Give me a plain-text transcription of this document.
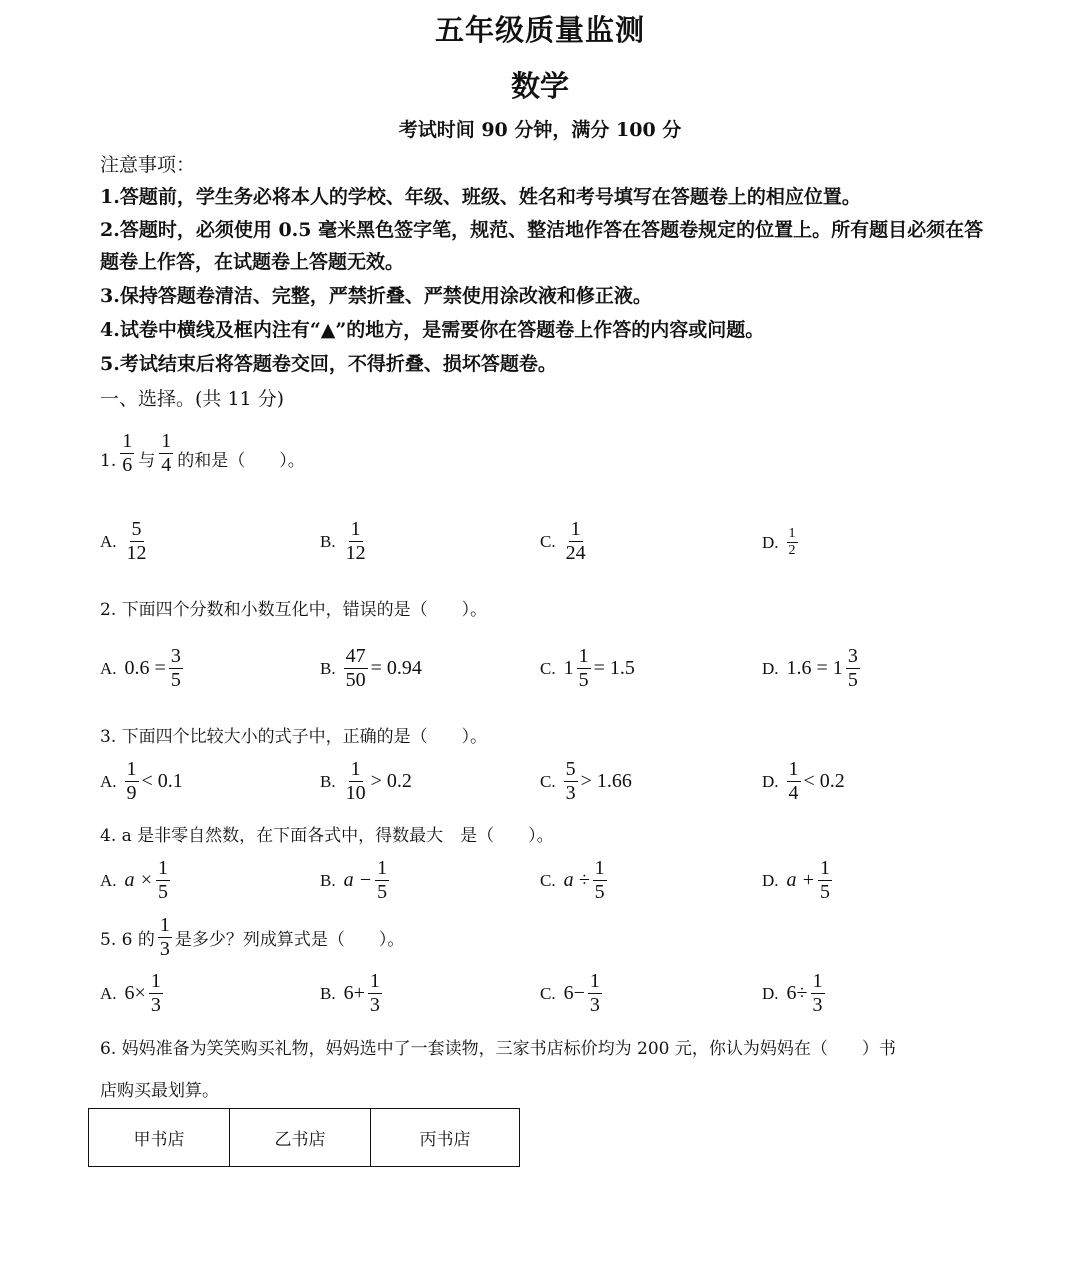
五年级质量监测
数学
考试时间 90 分钟，满分 100 分
注意事项：
1.答题前，学生务必将本人的学校、年级、班级、姓名和考号填写在答题卷上的相应位置。
2.答题时，必须使用 0.5 毫米黑色签字笔，规范、整洁地作答在答题卷规定的位置上。所有题目必须在答题卷上作答，在试题卷上答题无效。
3.保持答题卷清洁、完整，严禁折叠、严禁使用涂改液和修正液。
4.试卷中横线及框内注有“▲”的地方，是需要你在答题卷上作答的内容或问题。
5.考试结束后将答题卷交回，不得折叠、损坏答题卷。
一、选择。(共 11 分)
1. $\frac{1}{6}$ 与 $\frac{1}{4}$ 的和是（　　）。
A. $\frac{5}{12}$	B. $\frac{1}{12}$	C. $\frac{1}{24}$	D. $\frac{1}{2}$
2. 下面四个分数和小数互化中，错误的是（　　）。
A. $0.6 = \frac{3}{5}$	B. $\frac{47}{50} = 0.94$	C. $1 \frac{1}{5} = 1.5$	D. $1.6 = 1 \frac{3}{5}$
3. 下面四个比较大小的式子中，正确的是（　　）。
A. $\frac{1}{9} < 0.1$	B. $\frac{1}{10} > 0.2$	C. $\frac{5}{3} > 1.66$	D. $\frac{1}{4} < 0.2$
4. a 是非零自然数，在下面各式中，得数最大　是（　　）。
A. $a \times \frac{1}{5}$	B. $a - \frac{1}{5}$	C. $a \div \frac{1}{5}$	D. $a + \frac{1}{5}$
5. 6 的 $\frac{1}{3}$ 是多少？列成算式是（　　）。
A. $6\times \frac{1}{3}$	B. $6+ \frac{1}{3}$	C. $6- \frac{1}{3}$	D. $6\div \frac{1}{3}$
6. 妈妈准备为笑笑购买礼物，妈妈选中了一套读物，三家书店标价均为 200 元，你认为妈妈在（　　）书
店购买最划算。
甲书店	乙书店	丙书店
